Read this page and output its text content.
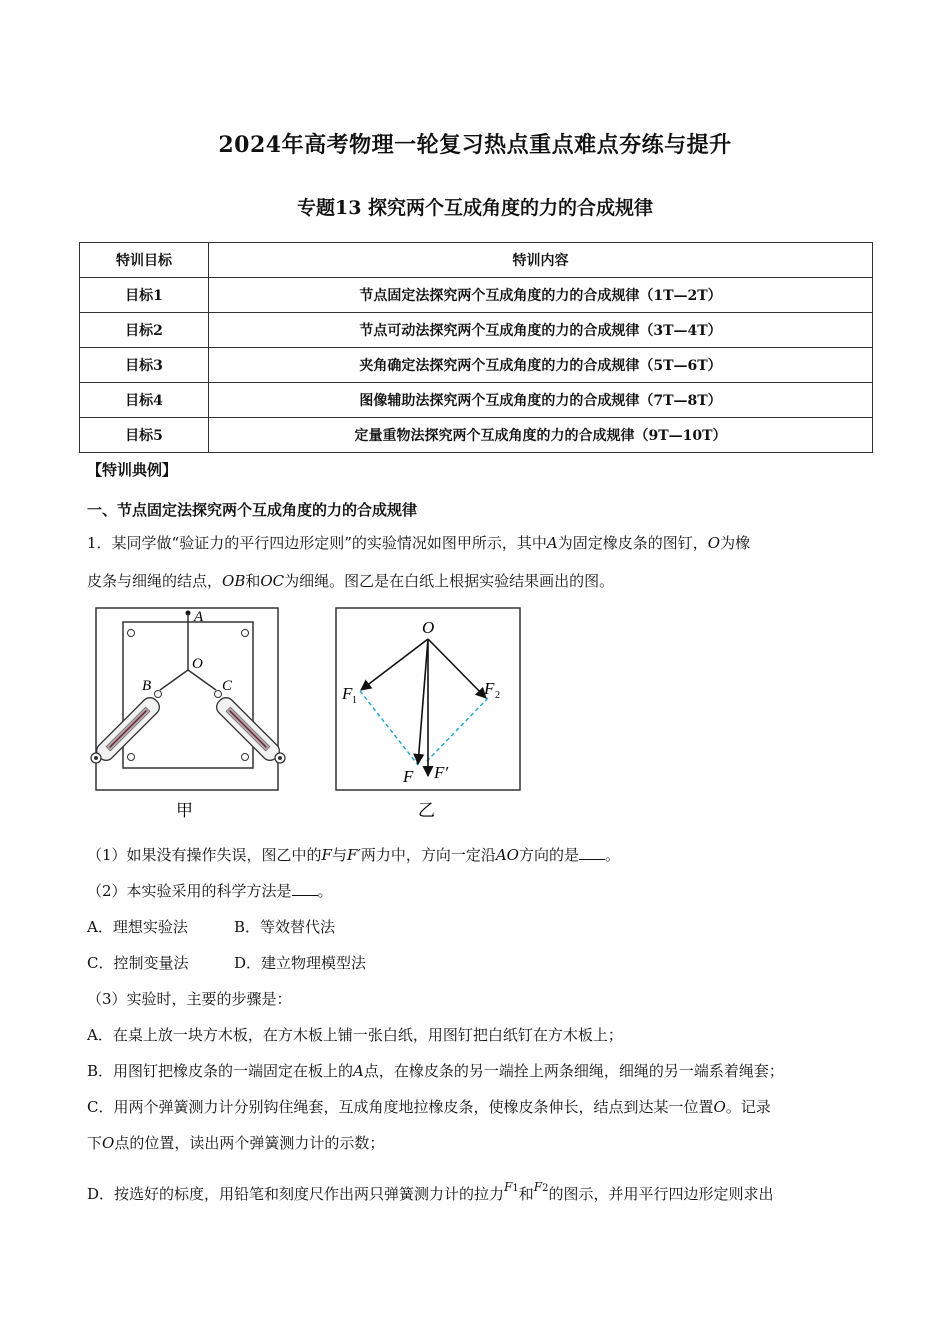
2024年高考物理一轮复习热点重点难点夯练与提升
专题13 探究两个互成角度的力的合成规律
特训目标	特训内容
目标1	节点固定法探究两个互成角度的力的合成规律（1T—2T）
目标2	节点可动法探究两个互成角度的力的合成规律（3T—4T）
目标3	夹角确定法探究两个互成角度的力的合成规律（5T—6T）
目标4	图像辅助法探究两个互成角度的力的合成规律（7T—8T）
目标5	定量重物法探究两个互成角度的力的合成规律（9T—10T）
【特训典例】
一、节点固定法探究两个互成角度的力的合成规律
1．某同学做“验证力的平行四边形定则”的实验情况如图甲所示，其中A为固定橡皮条的图钉，O为橡
皮条与细绳的结点，OB和OC为细绳。图乙是在白纸上根据实验结果画出的图。
A
O
B	C
甲
O
F 1
F 2
F F′
乙
（1）如果没有操作失误，图乙中的F与F′两力中，方向一定沿AO方向的是 。
（2）本实验采用的科学方法是 。
A．理想实验法	B．等效替代法
C．控制变量法	D．建立物理模型法
（3）实验时，主要的步骤是：
A．在桌上放一块方木板，在方木板上铺一张白纸，用图钉把白纸钉在方木板上；
B．用图钉把橡皮条的一端固定在板上的A点，在橡皮条的另一端拴上两条细绳，细绳的另一端系着绳套；
C．用两个弹簧测力计分别钩住绳套，互成角度地拉橡皮条，使橡皮条伸长，结点到达某一位置O。记录
下O点的位置，读出两个弹簧测力计的示数；
D．按选好的标度，用铅笔和刻度尺作出两只弹簧测力计的拉力F1和F2的图示，并用平行四边形定则求出
